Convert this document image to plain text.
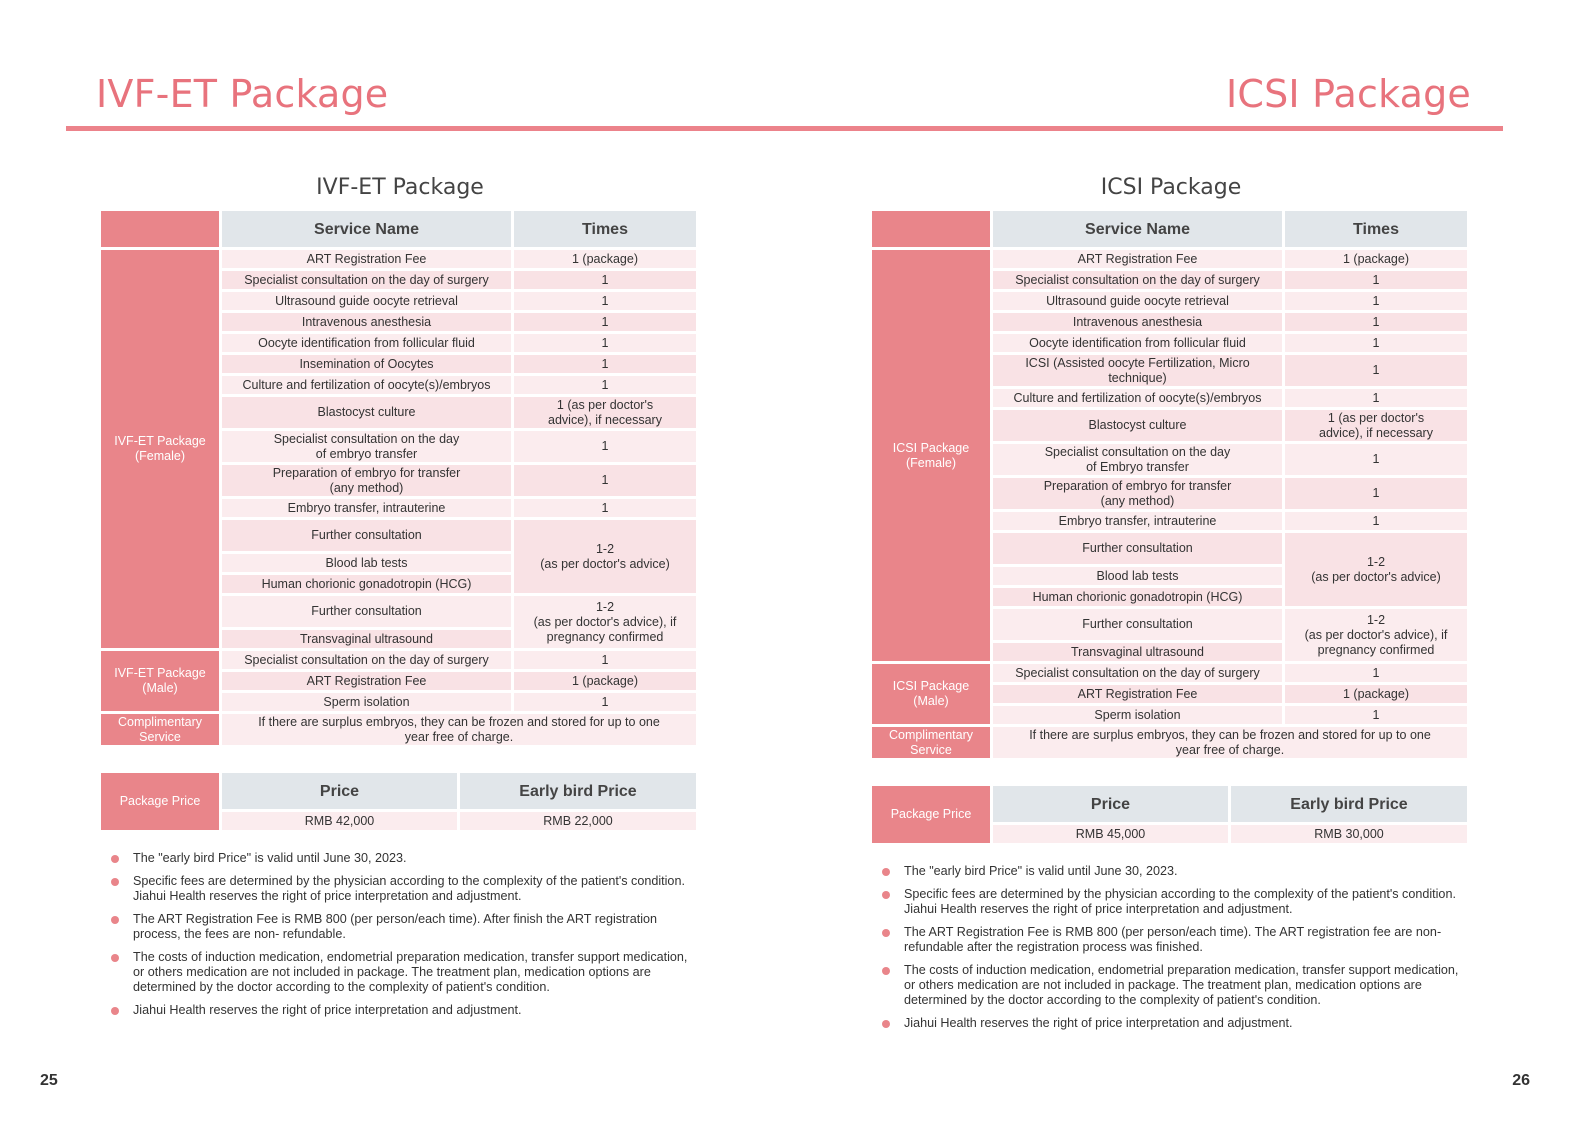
IVF-ET Package	ICSI Package
25	26
IVF-ET Package
	Service Name	Times
IVF-ET Package
(Female)	ART Registration Fee	1 (package)
	Specialist consultation on the day of surgery	1
	Ultrasound guide oocyte retrieval	1
	Intravenous anesthesia	1
	Oocyte identification from follicular fluid	1
	Insemination of Oocytes	1
	Culture and fertilization of oocyte(s)/embryos	1
	Blastocyst culture	1 (as per doctor's
advice), if necessary
	Specialist consultation on the day
of embryo transfer	1
	Preparation of embryo for transfer
(any method)	1
	Embryo transfer, intrauterine	1
	Further consultation	1-2
(as per doctor's advice)
	Blood lab tests	
	Human chorionic gonadotropin (HCG)	
	Further consultation	1-2
(as per doctor's advice), if
pregnancy confirmed
	Transvaginal ultrasound	
IVF-ET Package
(Male)	Specialist consultation on the day of surgery	1
	ART Registration Fee	1 (package)
	Sperm isolation	1
Complimentary
Service	If there are surplus embryos, they can be frozen and stored for up to one
year free of charge.	
Package Price	Price	Early bird Price
	RMB 42,000	RMB 22,000
The "early bird Price" is valid until June 30, 2023.
Specific fees are determined by the physician according to the complexity of the patient's condition. Jiahui Health reserves the right of price interpretation and adjustment.
The ART Registration Fee is RMB 800 (per person/each time). After finish the ART registration process, the fees are non- refundable.
The costs of induction medication, endometrial preparation medication, transfer support medication, or others medication are not included in package. The treatment plan, medication options are determined by the doctor according to the complexity of patient's condition.
Jiahui Health reserves the right of price interpretation and adjustment.
ICSI Package
	Service Name	Times
ICSI Package
(Female)	ART Registration Fee	1 (package)
	Specialist consultation on the day of surgery	1
	Ultrasound guide oocyte retrieval	1
	Intravenous anesthesia	1
	Oocyte identification from follicular fluid	1
	ICSI (Assisted oocyte Fertilization, Micro
technique)	1
	Culture and fertilization of oocyte(s)/embryos	1
	Blastocyst culture	1 (as per doctor's
advice), if necessary
	Specialist consultation on the day
of Embryo transfer	1
	Preparation of embryo for transfer
(any method)	1
	Embryo transfer, intrauterine	1
	Further consultation	1-2
(as per doctor's advice)
	Blood lab tests	
	Human chorionic gonadotropin (HCG)	
	Further consultation	1-2
(as per doctor's advice), if
pregnancy confirmed
	Transvaginal ultrasound	
ICSI Package
(Male)	Specialist consultation on the day of surgery	1
	ART Registration Fee	1 (package)
	Sperm isolation	1
Complimentary
Service	If there are surplus embryos, they can be frozen and stored for up to one
year free of charge.	
Package Price	Price	Early bird Price
	RMB 45,000	RMB 30,000
The "early bird Price" is valid until June 30, 2023.
Specific fees are determined by the physician according to the complexity of the patient's condition. Jiahui Health reserves the right of price interpretation and adjustment.
The ART Registration Fee is RMB 800 (per person/each time). The ART registration fee are non-refundable after the registration process was finished.
The costs of induction medication, endometrial preparation medication, transfer support medication, or others medication are not included in package. The treatment plan, medication options are determined by the doctor according to the complexity of patient's condition.
Jiahui Health reserves the right of price interpretation and adjustment.
